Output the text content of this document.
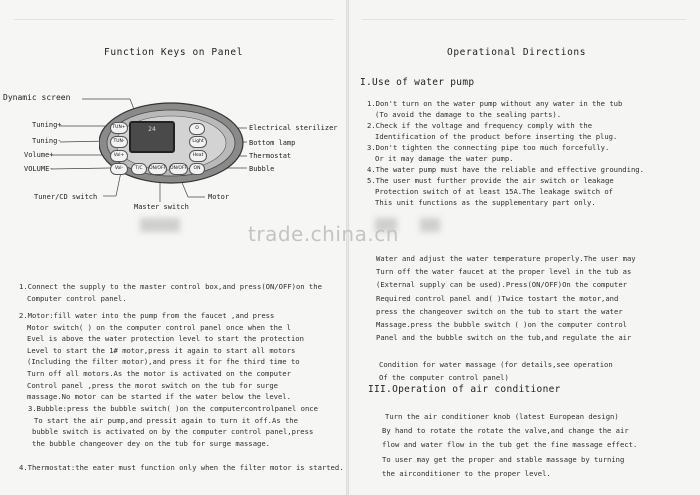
Function Keys on Panel
24
TUN+
TUN-
Vol+
Vol-	T/C	ON/OFF ON/OFF	ON
O
Light
Heat
Dynamic screen
Tuning+
Tuning-
Volume+
VOLUME-
Tuner/CD switch
Master switch
Motor
Electrical sterilizer
Bottom lamp
Thermostat
Bubble

1.Connect the supply to the master control box,and press(ON/OFF)on the

Computer control panel.

2.Motor:fill water into the pump from the faucet ,and press

Motor switch( ) on the computer control panel once when the l

Evel is above the water protection level to start the protection

Level to start the 1# motor,press it again to start all motors

(Including the filter motor),and press it for fhe third time to

Turn off all motors.As the motor is activated on the computer

Control panel ,press the morot switch on the tub for surge

massage.No motor can be started if the water below the level.

3.Bubble:press the bubble switch( )on the computercontrolpanel once

To start the air pump,and pressit again to turn it off.As the

bubble switch is activated on by the computer control panel,press

the bubble changeover dey on the tub for surge massage.

4.Thermostat:the eater must function only when the filter motor is started.

Operational Directions
I.Use of water pump

1.Don't turn on the water pump without any water in the tub

(To avoid the damage to the sealing parts).

2.Check if the voltage and frequency comply with the

Identification of the product before inserting the plug.

3.Don't tighten the connecting pipe too much forcefully.

Or it may damage the water pump.

4.The water pump must have the reliable and effective grounding.

5.The user must further provide the air switch or leakage

Protection switch of at least 15A.The leakage switch of

This unit functions as the supplementary part only.

Water and adjust the water temperature properly.The user may

Turn off the water faucet at the proper level in the tub as

(External supply can be used).Press(ON/OFF)On the computer

Required control panel and( )Twice tostart the motor,and

press the changeover switch on the tub to start the water

Massage.press the bubble switch ( )on the computer control

Panel and the bubble switch on the tub,and regulate the air

Condition for water massage (for details,see operation

Of the computer control panel)

III.Operation of air conditioner

Turn the air conditioner knob (latest European design)

By hand to rotate the rotate the valve,and change the air

flow and water flow in the tub get the fine massage effect.

To user may get the proper and stable massage by turning

the airconditioner to the proper level.

trade.china.cn
